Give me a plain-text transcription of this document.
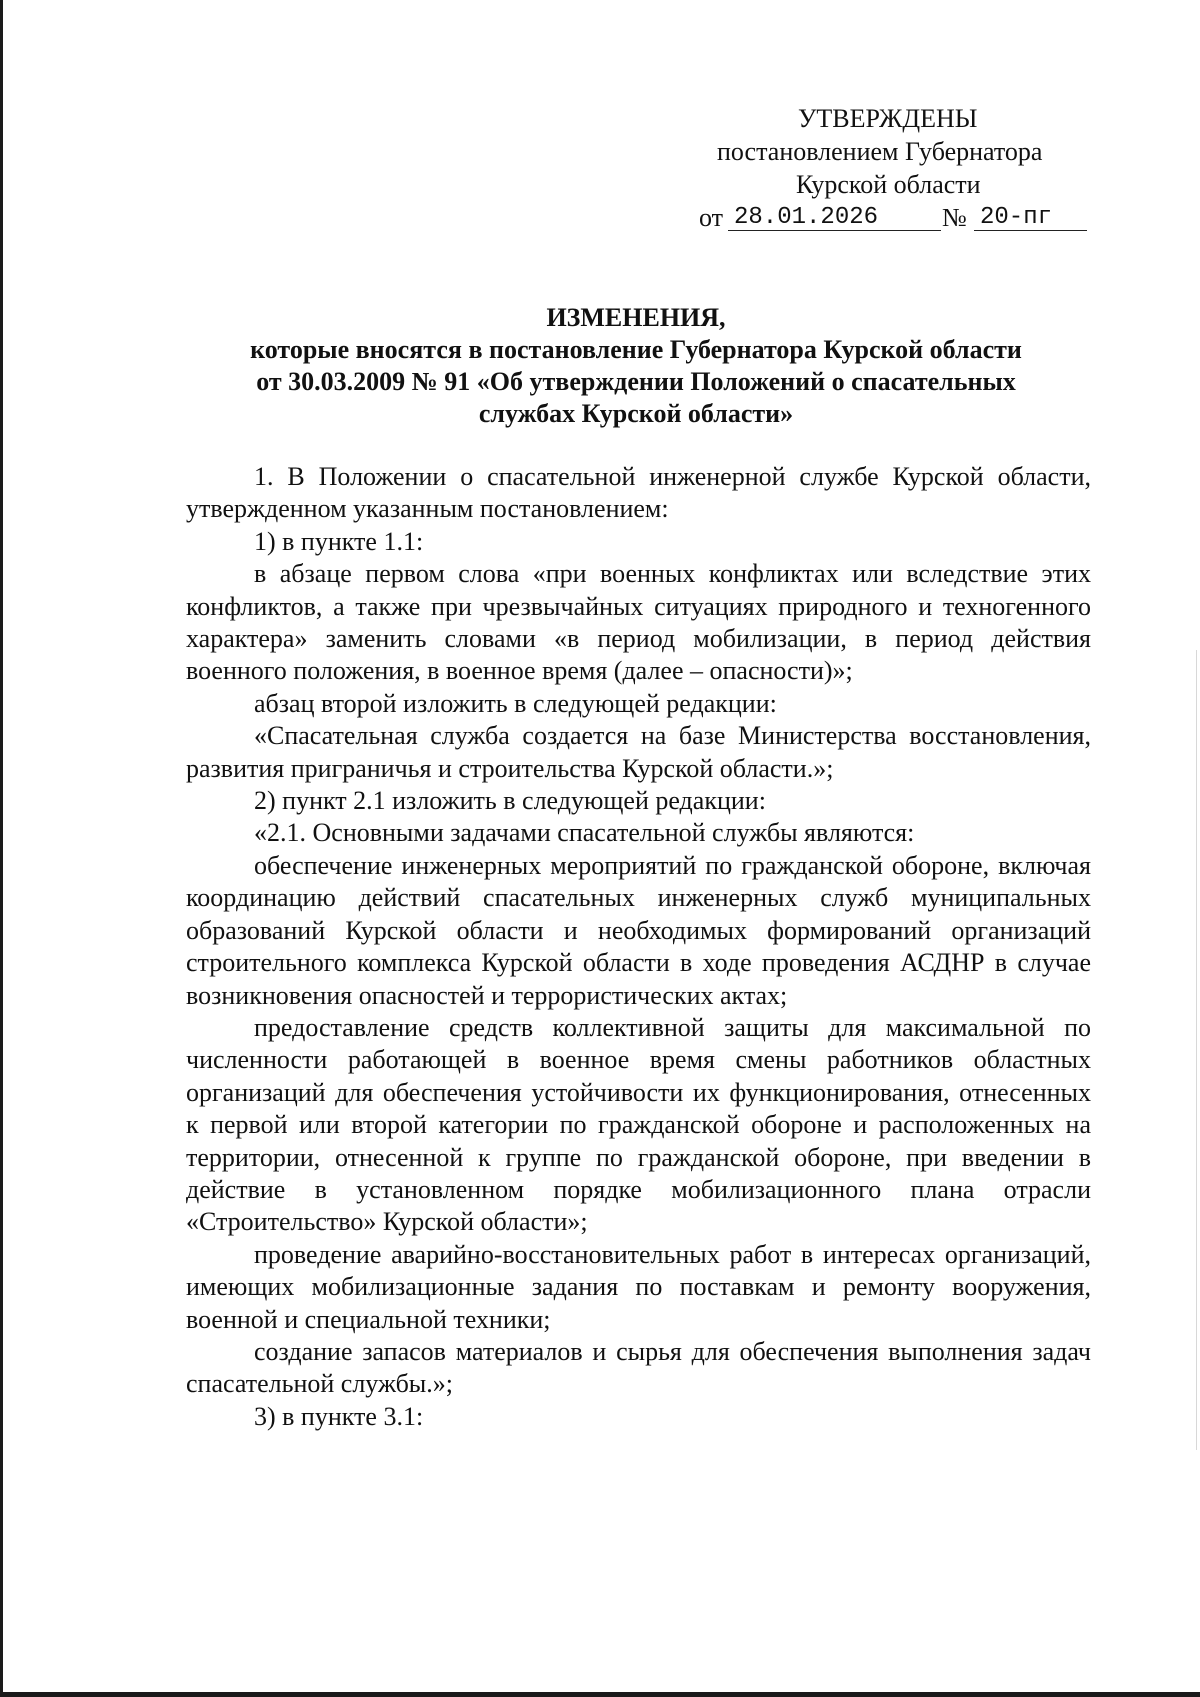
УТВЕРЖДЕНЫ
постановлением Губернатора
Курской области
от 28.01.2026	№ 20-пг
ИЗМЕНЕНИЯ,
которые вносятся в постановление Губернатора Курской области
от 30.03.2009 № 91 «Об утверждении Положений о спасательных
службах Курской области»

1. В Положении о спасательной инженерной службе Курской области, утвержденном указанным постановлением:

1) в пункте 1.1:

в абзаце первом слова «при военных конфликтах или вследствие этих конфликтов, а также при чрезвычайных ситуациях природного и техногенного характера» заменить словами «в период мобилизации, в период действия военного положения, в военное время (далее – опасности)»;

абзац второй изложить в следующей редакции:

«Спасательная служба создается на базе Министерства восстановления, развития приграничья и строительства Курской области.»;

2) пункт 2.1 изложить в следующей редакции:

«2.1. Основными задачами спасательной службы являются:

обеспечение инженерных мероприятий по гражданской обороне, включая координацию действий спасательных инженерных служб муниципальных образований Курской области и необходимых формирований организаций строительного комплекса Курской области в ходе проведения АСДНР в случае возникновения опасностей и террористических актах;

предоставление средств коллективной защиты для максимальной по численности работающей в военное время смены работников областных организаций для обеспечения устойчивости их функционирования, отнесенных к первой или второй категории по гражданской обороне и расположенных на территории, отнесенной к группе по гражданской обороне, при введении в действие в установленном порядке мобилизационного плана отрасли «Строительство» Курской области»;

проведение аварийно-восстановительных работ в интересах организаций, имеющих мобилизационные задания по поставкам и ремонту вооружения, военной и специальной техники;

создание запасов материалов и сырья для обеспечения выполнения задач спасательной службы.»;

3) в пункте 3.1:
